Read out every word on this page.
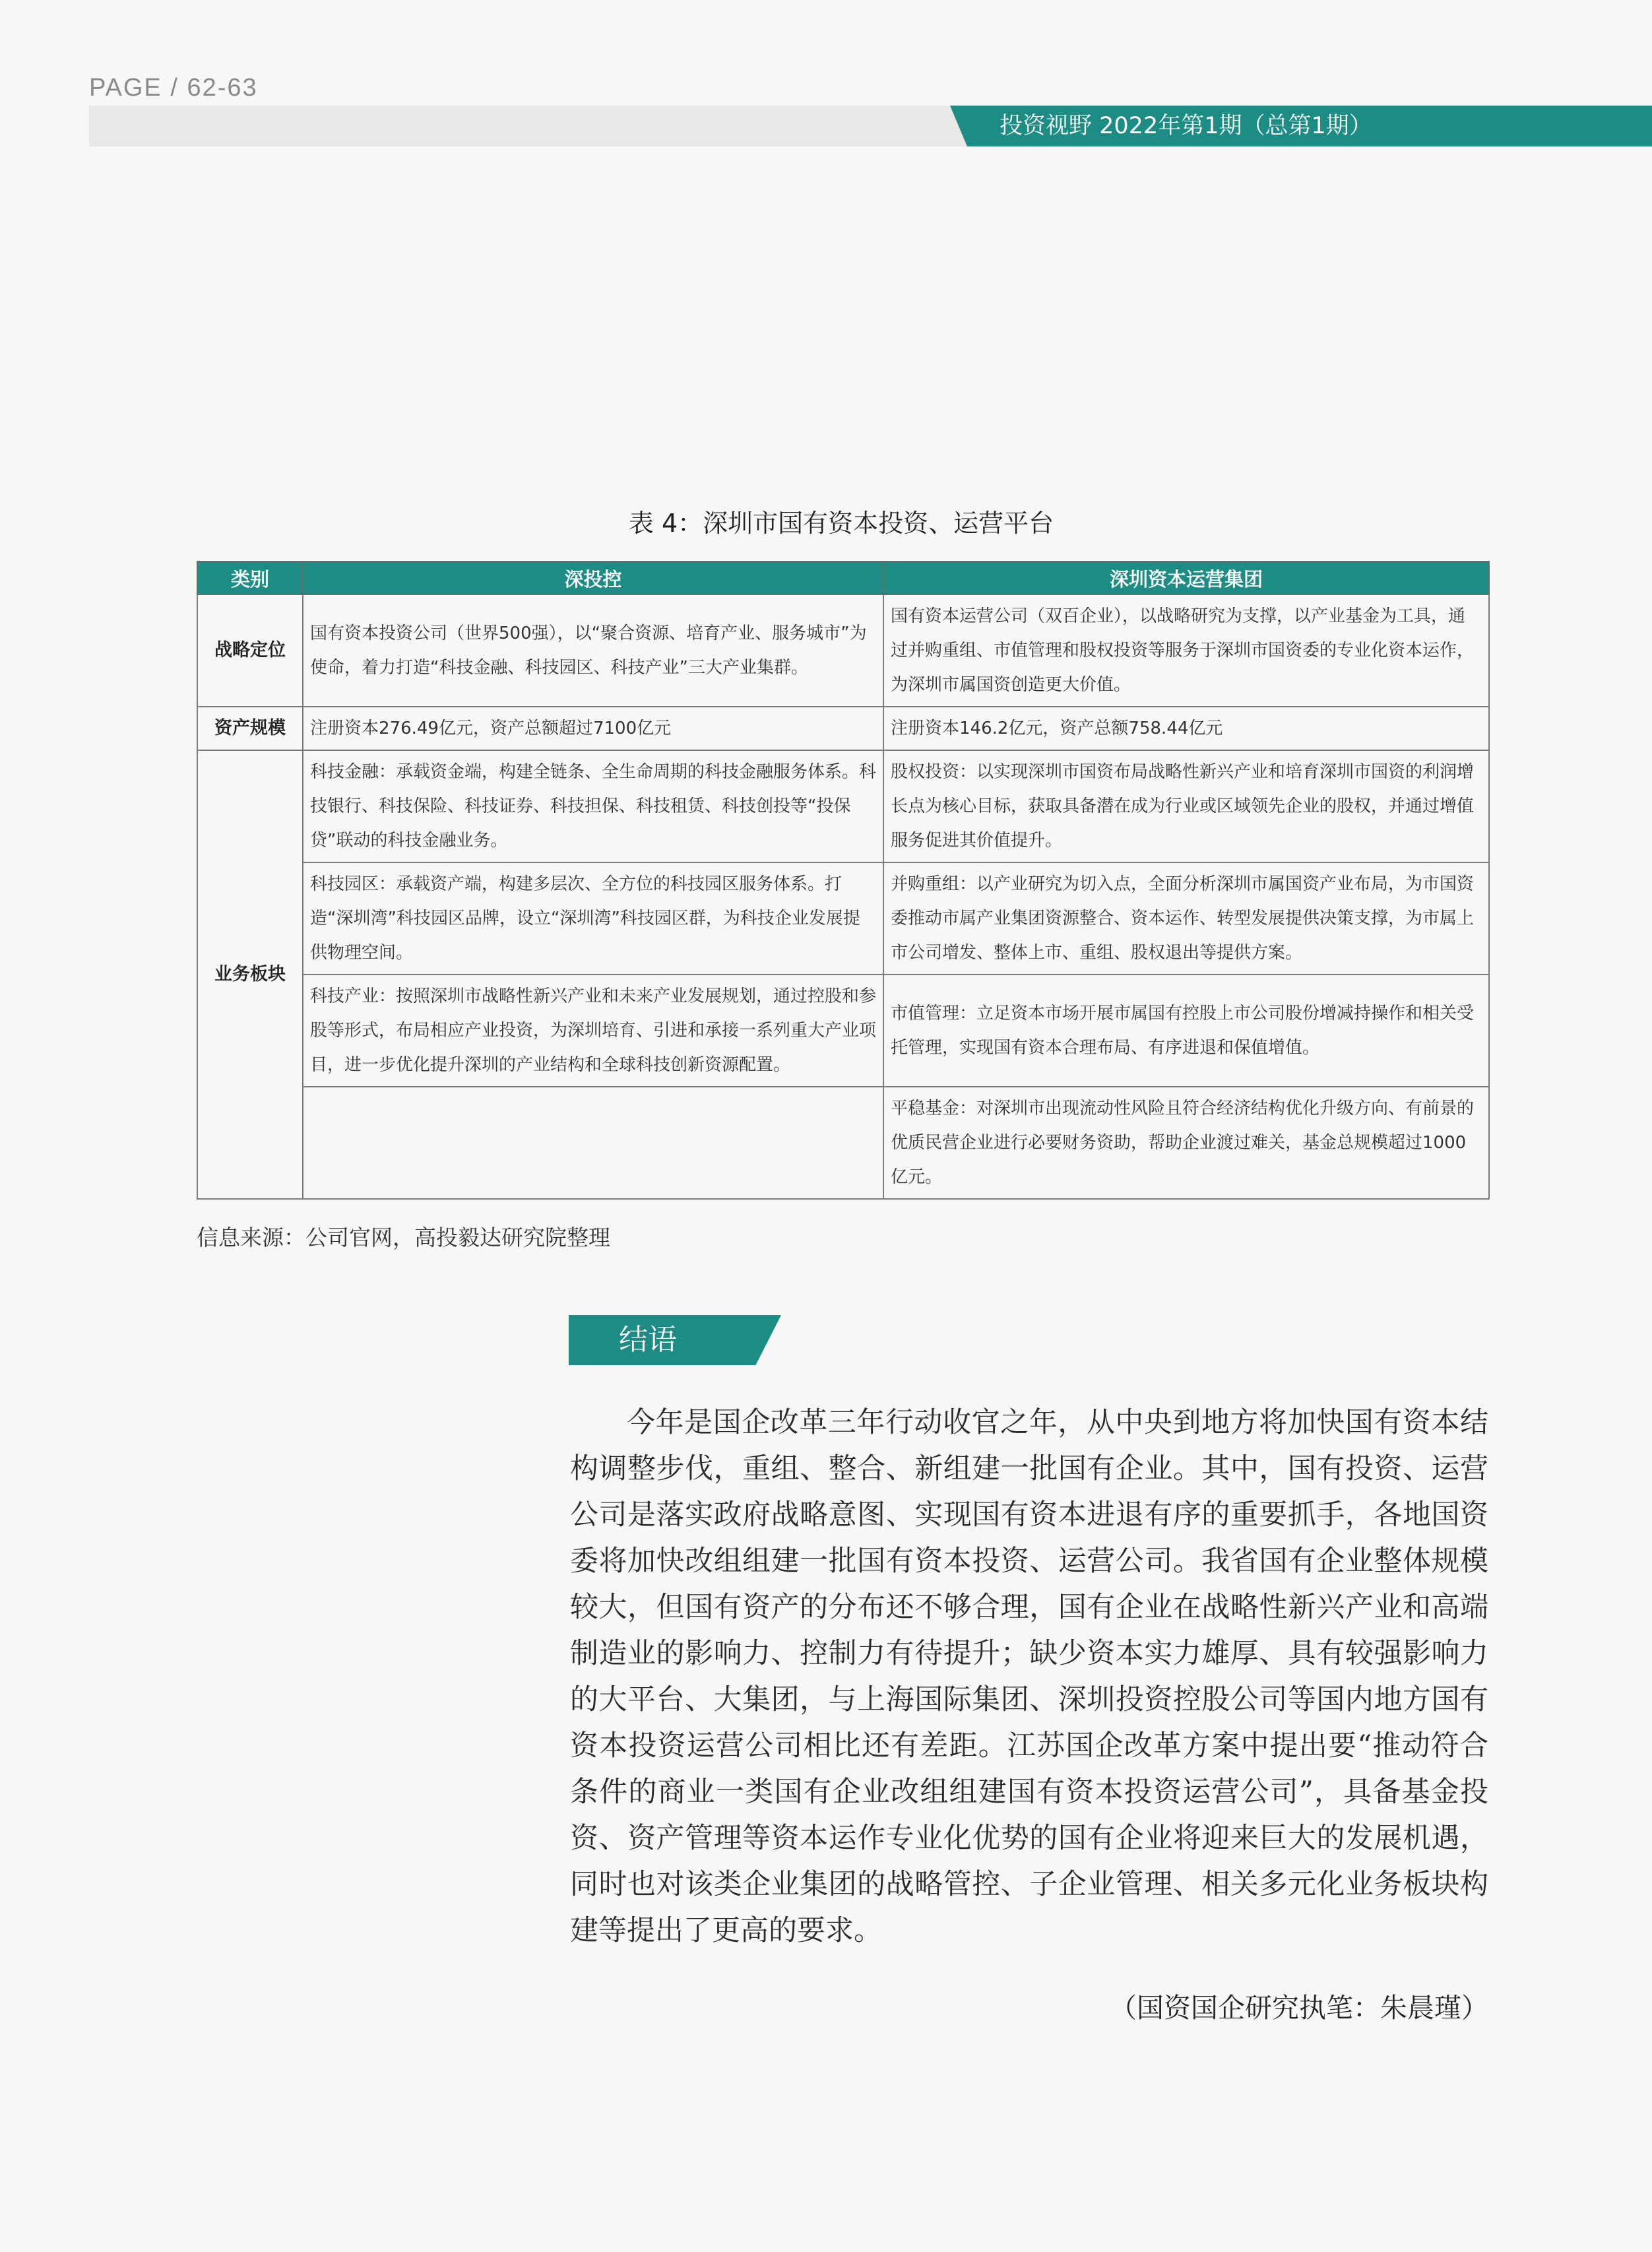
PAGE / 62-63
投资视野 2022年第1期（总第1期）
表 4：深圳市国有资本投资、运营平台
类别	深投控	深圳资本运营集团
战略定位	国有资本投资公司（世界500强），以“聚合资源、培育产业、服务城市”为使命，着力打造“科技金融、科技园区、科技产业”三大产业集群。	国有资本运营公司（双百企业），以战略研究为支撑，以产业基金为工具，通过并购重组、市值管理和股权投资等服务于深圳市国资委的专业化资本运作，为深圳市属国资创造更大价值。
资产规模	注册资本276.49亿元，资产总额超过7100亿元	注册资本146.2亿元，资产总额758.44亿元
业务板块	科技金融：承载资金端，构建全链条、全生命周期的科技金融服务体系。科技银行、科技保险、科技证券、科技担保、科技租赁、科技创投等“投保贷”联动的科技金融业务。	股权投资：以实现深圳市国资布局战略性新兴产业和培育深圳市国资的利润增长点为核心目标，获取具备潜在成为行业或区域领先企业的股权，并通过增值服务促进其价值提升。
	科技园区：承载资产端，构建多层次、全方位的科技园区服务体系。打造“深圳湾”科技园区品牌，设立“深圳湾”科技园区群，为科技企业发展提供物理空间。	并购重组：以产业研究为切入点，全面分析深圳市属国资产业布局，为市国资委推动市属产业集团资源整合、资本运作、转型发展提供决策支撑，为市属上市公司增发、整体上市、重组、股权退出等提供方案。
	科技产业：按照深圳市战略性新兴产业和未来产业发展规划，通过控股和参股等形式，布局相应产业投资，为深圳培育、引进和承接一系列重大产业项目，进一步优化提升深圳的产业结构和全球科技创新资源配置。	市值管理：立足资本市场开展市属国有控股上市公司股份增减持操作和相关受托管理，实现国有资本合理布局、有序进退和保值增值。
		平稳基金：对深圳市出现流动性风险且符合经济结构优化升级方向、有前景的优质民营企业进行必要财务资助，帮助企业渡过难关，基金总规模超过1000亿元。
信息来源：公司官网，高投毅达研究院整理
结语

今年是国企改革三年行动收官之年，从中央到地方将加快国有资本结构调整步伐，重组、整合、新组建一批国有企业。其中，国有投资、运营公司是落实政府战略意图、实现国有资本进退有序的重要抓手，各地国资委将加快改组组建一批国有资本投资、运营公司。我省国有企业整体规模较大，但国有资产的分布还不够合理，国有企业在战略性新兴产业和高端制造业的影响力、控制力有待提升；缺少资本实力雄厚、具有较强影响力的大平台、大集团，与上海国际集团、深圳投资控股公司等国内地方国有资本投资运营公司相比还有差距。江苏国企改革方案中提出要“推动符合条件的商业一类国有企业改组组建国有资本投资运营公司”，具备基金投资、资产管理等资本运作专业化优势的国有企业将迎来巨大的发展机遇，同时也对该类企业集团的战略管控、子企业管理、相关多元化业务板块构建等提出了更高的要求。

（国资国企研究执笔：朱晨瑾）
